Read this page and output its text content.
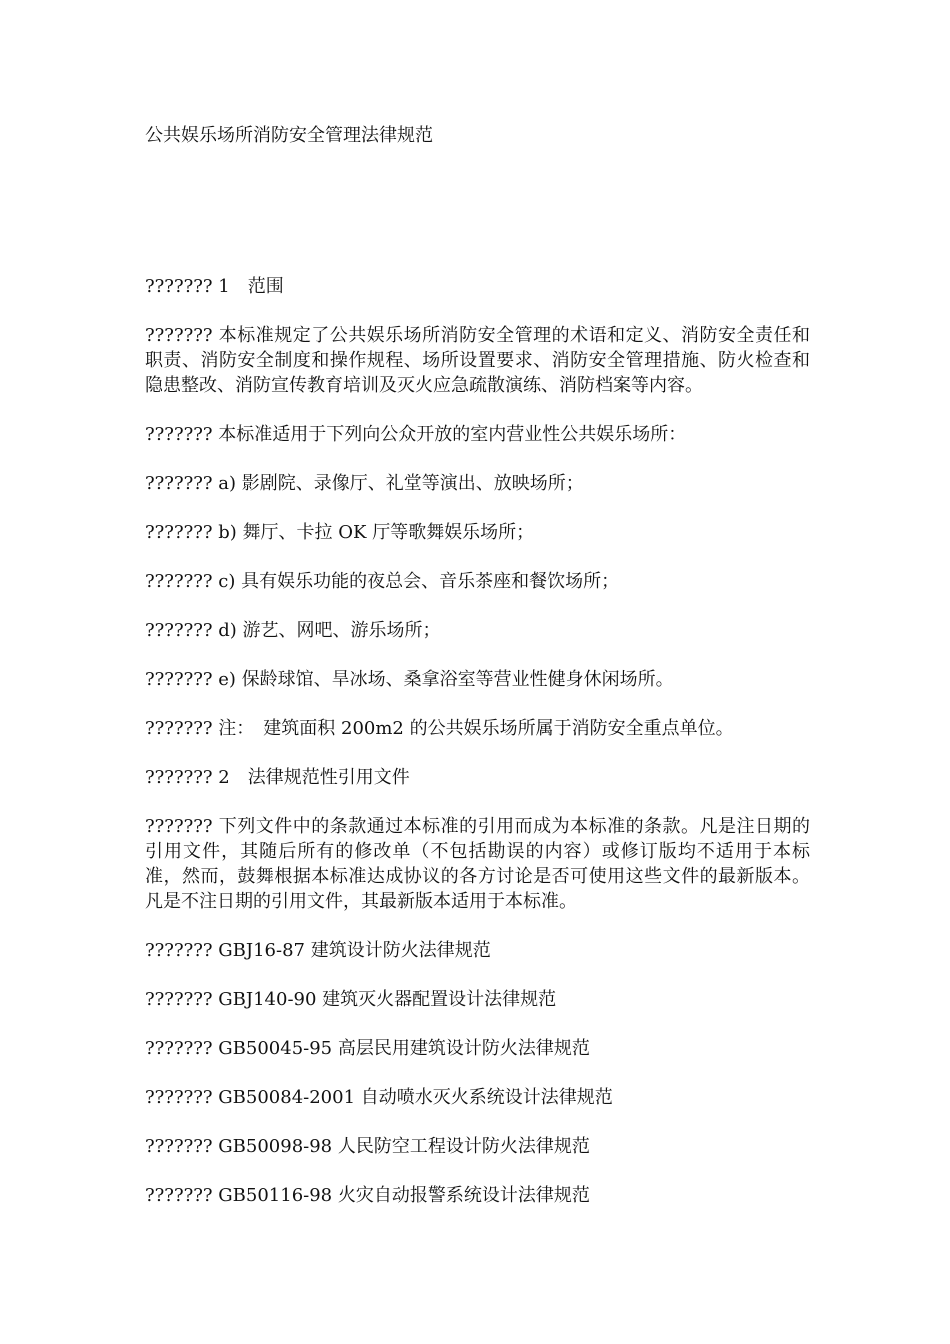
公共娱乐场所消防安全管理法律规范

??????? 1　范围

??????? 本标准规定了公共娱乐场所消防安全管理的术语和定义、消防安全责任和职责、消防安全制度和操作规程、场所设置要求、消防安全管理措施、防火检查和隐患整改、消防宣传教育培训及灭火应急疏散演练、消防档案等内容。

??????? 本标准适用于下列向公众开放的室内营业性公共娱乐场所：

??????? a) 影剧院、录像厅、礼堂等演出、放映场所；

??????? b) 舞厅、卡拉 OK 厅等歌舞娱乐场所；

??????? c) 具有娱乐功能的夜总会、音乐茶座和餐饮场所；

??????? d) 游艺、网吧、游乐场所；

??????? e) 保龄球馆、旱冰场、桑拿浴室等营业性健身休闲场所。

??????? 注：　建筑面积 200m2 的公共娱乐场所属于消防安全重点单位。

??????? 2　法律规范性引用文件

??????? 下列文件中的条款通过本标准的引用而成为本标准的条款。凡是注日期的引用文件，其随后所有的修改单（不包括勘误的内容）或修订版均不适用于本标准，然而，鼓舞根据本标准达成协议的各方讨论是否可使用这些文件的最新版本。凡是不注日期的引用文件，其最新版本适用于本标准。

??????? GBJ16-87 建筑设计防火法律规范

??????? GBJ140-90 建筑灭火器配置设计法律规范

??????? GB50045-95 高层民用建筑设计防火法律规范

??????? GB50084-2001 自动喷水灭火系统设计法律规范

??????? GB50098-98 人民防空工程设计防火法律规范

??????? GB50116-98 火灾自动报警系统设计法律规范
